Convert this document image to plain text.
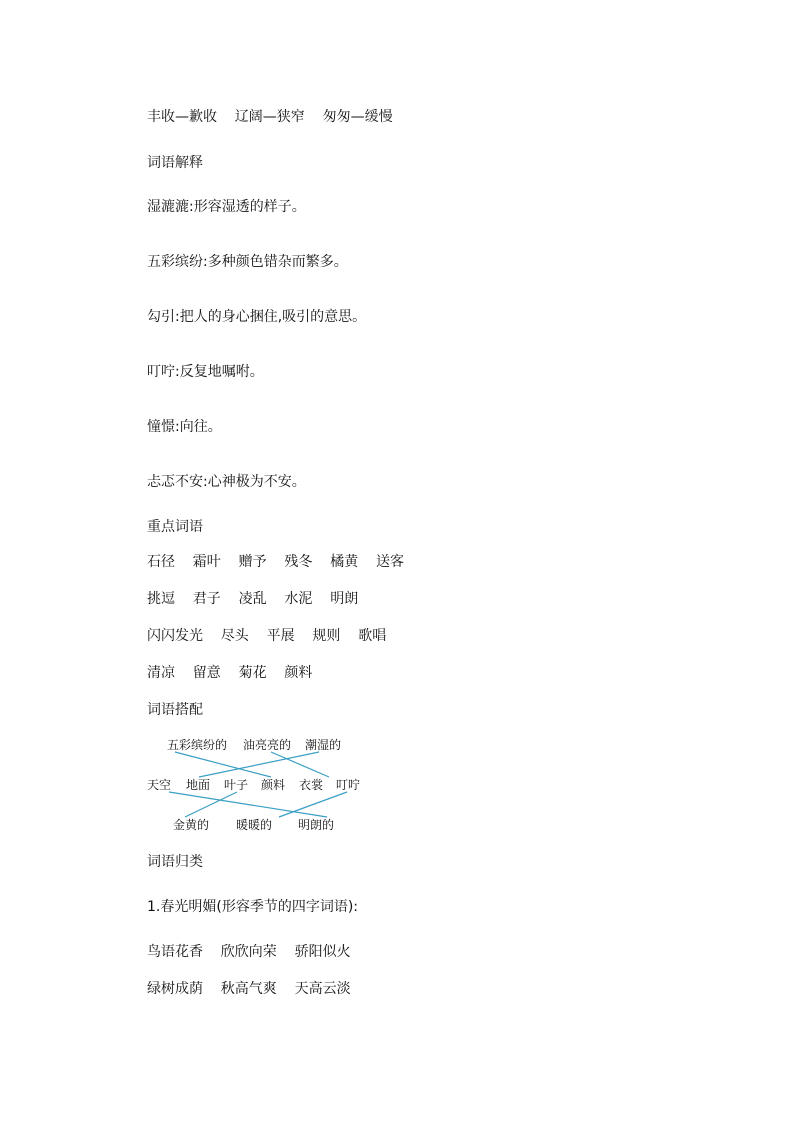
丰收—歉收    辽阔—狭窄    匆匆—缓慢
词语解释
湿漉漉:形容湿透的样子。
五彩缤纷:多种颜色错杂而繁多。
勾引:把人的身心捆住,吸引的意思。
叮咛:反复地嘱咐。
憧憬:向往。
忐忑不安:心神极为不安。
重点词语
石径    霜叶    赠予    残冬    橘黄    送客
挑逗    君子    凌乱    水泥    明朗
闪闪发光    尽头    平展    规则    歌唱
清凉    留意    菊花    颜料
词语搭配
五彩缤纷的 油亮亮的 潮湿的
天空 地面 叶子 颜料 衣裳 叮咛
金黄的 暖暖的 明朗的
词语归类
1.春光明媚(形容季节的四字词语):
鸟语花香    欣欣向荣    骄阳似火
绿树成荫    秋高气爽    天高云淡
